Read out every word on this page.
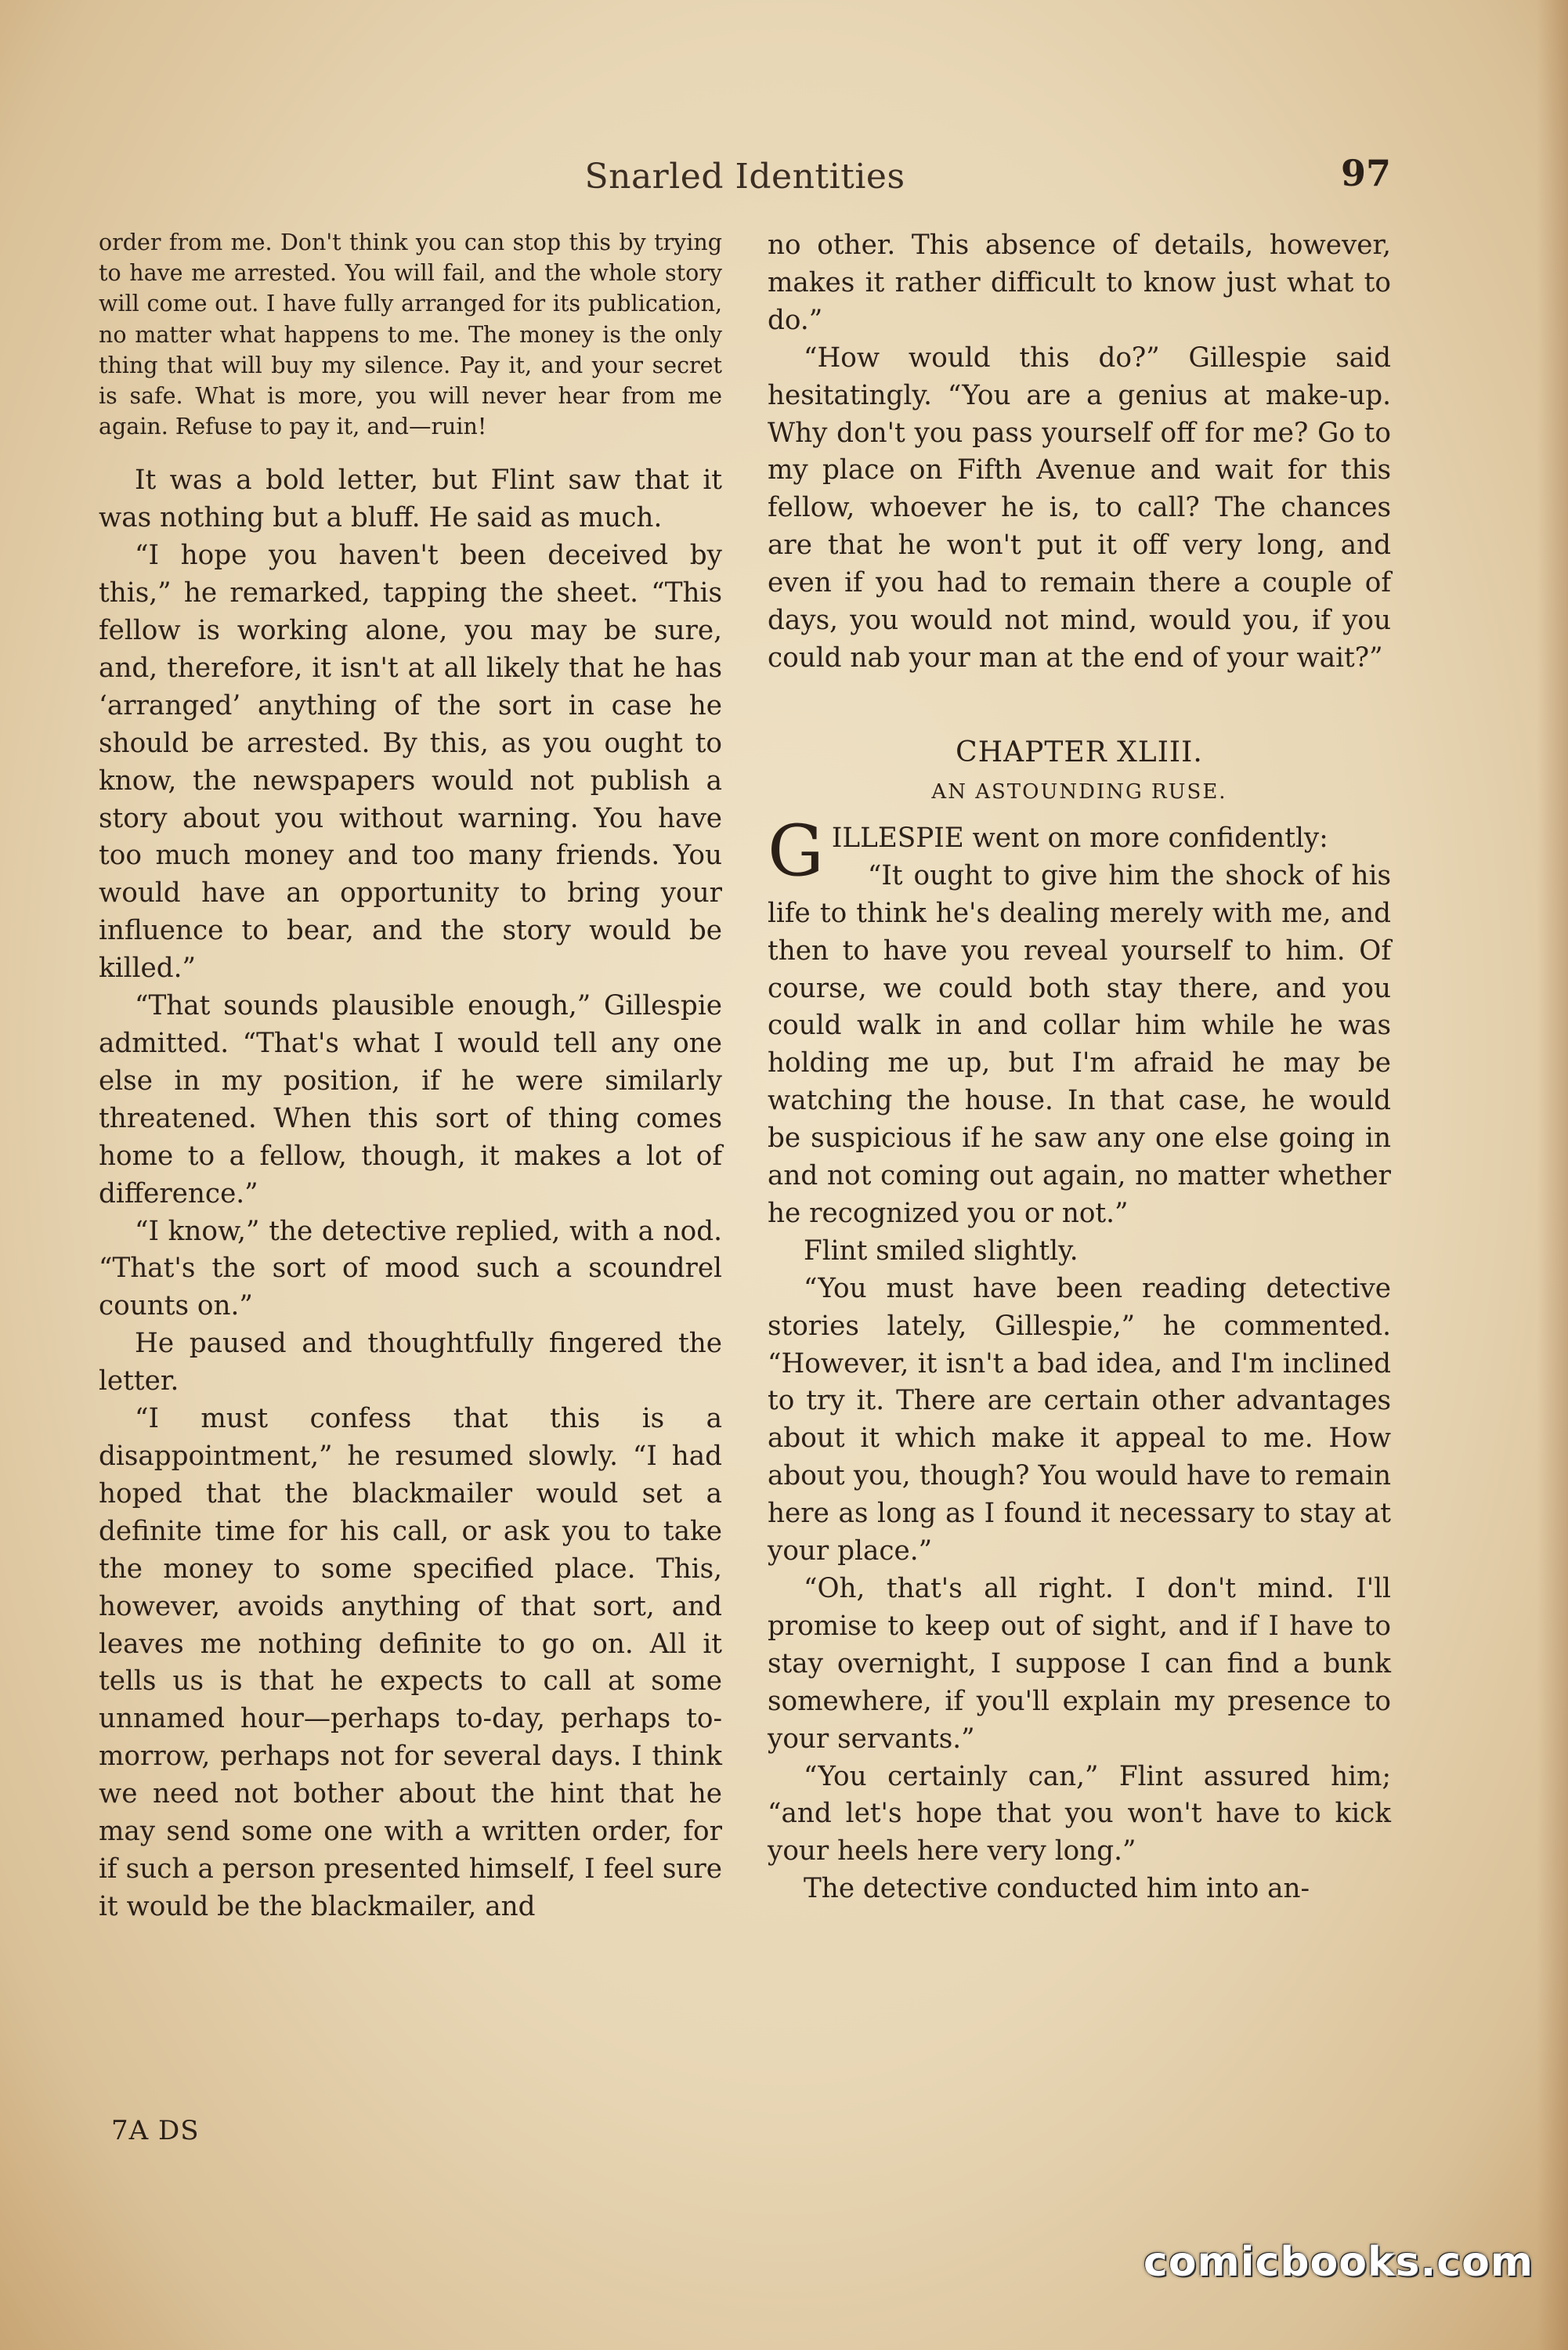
Snarled Identities	97
order from me. Don't think you can stop this by trying to have me arrested. You will fail, and the whole story will come out. I have fully arranged for its publication, no matter what happens to me. The money is the only thing that will buy my silence. Pay it, and your secret is safe. What is more, you will never hear from me again. Refuse to pay it, and—ruin!

It was a bold letter, but Flint saw that it was nothing but a bluff. He said as much.

“I hope you haven't been deceived by this,” he remarked, tapping the sheet. “This fellow is working alone, you may be sure, and, therefore, it isn't at all likely that he has ‘arranged’ anything of the sort in case he should be arrested. By this, as you ought to know, the newspapers would not publish a story about you without warning. You have too much money and too many friends. You would have an opportunity to bring your influence to bear, and the story would be killed.”

“That sounds plausible enough,” Gillespie admitted. “That's what I would tell any one else in my position, if he were similarly threatened. When this sort of thing comes home to a fellow, though, it makes a lot of difference.”

“I know,” the detective replied, with a nod. “That's the sort of mood such a scoundrel counts on.”

He paused and thoughtfully fingered the letter.

“I must confess that this is a disappointment,” he resumed slowly. “I had hoped that the blackmailer would set a definite time for his call, or ask you to take the money to some specified place. This, however, avoids anything of that sort, and leaves me nothing definite to go on. All it tells us is that he expects to call at some unnamed hour—perhaps to-day, perhaps to-morrow, perhaps not for several days. I think we need not bother about the hint that he may send some one with a written order, for if such a person presented himself, I feel sure it would be the blackmailer, and

no other. This absence of details, however, makes it rather difficult to know just what to do.”

“How would this do?” Gillespie said hesitatingly. “You are a genius at make-up. Why don't you pass yourself off for me? Go to my place on Fifth Avenue and wait for this fellow, whoever he is, to call? The chances are that he won't put it off very long, and even if you had to remain there a couple of days, you would not mind, would you, if you could nab your man at the end of your wait?”

CHAPTER XLIII.
AN ASTOUNDING RUSE.

GILLESPIE went on more confidently:

“It ought to give him the shock of his life to think he's dealing merely with me, and then to have you reveal yourself to him. Of course, we could both stay there, and you could walk in and collar him while he was holding me up, but I'm afraid he may be watching the house. In that case, he would be suspicious if he saw any one else going in and not coming out again, no matter whether he recognized you or not.”

Flint smiled slightly.

“You must have been reading detective stories lately, Gillespie,” he commented. “However, it isn't a bad idea, and I'm inclined to try it. There are certain other advantages about it which make it appeal to me. How about you, though? You would have to remain here as long as I found it necessary to stay at your place.”

“Oh, that's all right. I don't mind. I'll promise to keep out of sight, and if I have to stay overnight, I suppose I can find a bunk somewhere, if you'll explain my presence to your servants.”

“You certainly can,” Flint assured him; “and let's hope that you won't have to kick your heels here very long.”

The detective conducted him into an-

7A DS
comicbooks.com
